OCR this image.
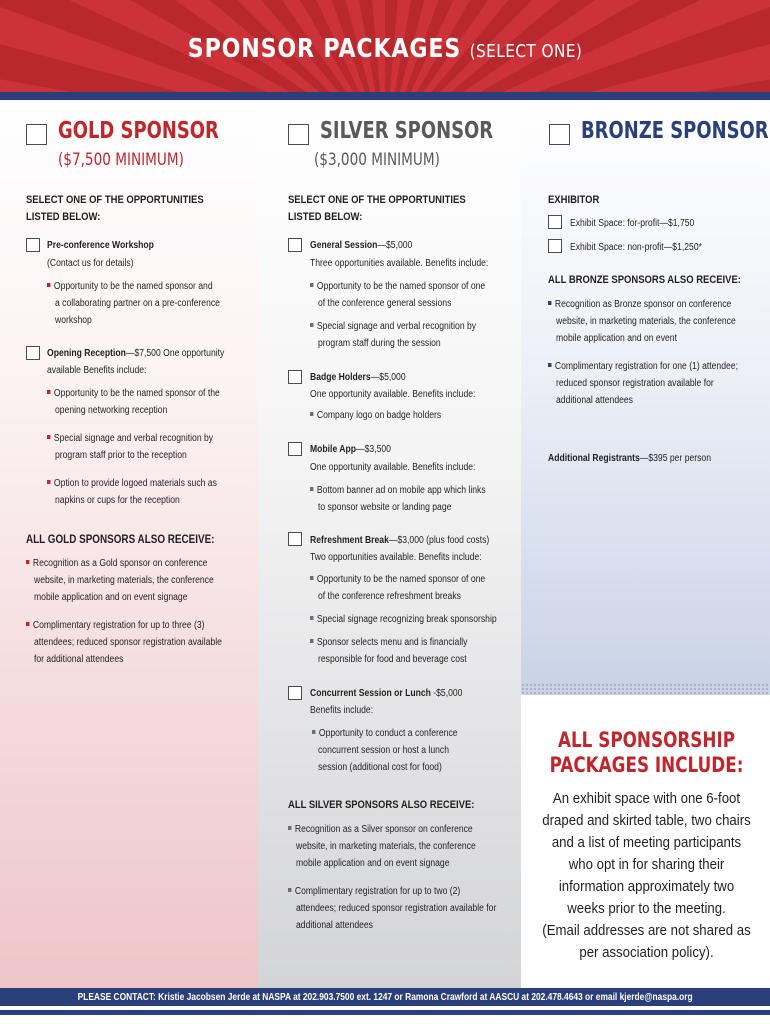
SPONSOR PACKAGES (SELECT ONE)
GOLD SPONSOR
($7,500 MINIMUM)
SELECT ONE OF THE OPPORTUNITIES
LISTED BELOW:
Pre-conference Workshop
(Contact us for details)
Opportunity to be the named sponsor and
a collaborating partner on a pre-conference
workshop
Opening Reception—$7,500 One opportunity
available Benefits include:
Opportunity to be the named sponsor of the
opening networking reception
Special signage and verbal recognition by
program staff prior to the reception
Option to provide logoed materials such as
napkins or cups for the reception
ALL GOLD SPONSORS ALSO RECEIVE:
Recognition as a Gold sponsor on conference
website, in marketing materials, the conference
mobile application and on event signage
Complimentary registration for up to three (3)
attendees; reduced sponsor registration available
for additional attendees
SILVER SPONSOR
($3,000 MINIMUM)
SELECT ONE OF THE OPPORTUNITIES
LISTED BELOW:
General Session—$5,000
Three opportunities available. Benefits include:
Opportunity to be the named sponsor of one
of the conference general sessions
Special signage and verbal recognition by
program staff during the session
Badge Holders—$5,000
One opportunity available. Benefits include:
Company logo on badge holders
Mobile App—$3,500
One opportunity available. Benefits include:
Bottom banner ad on mobile app which links
to sponsor website or landing page
Refreshment Break—$3,000 (plus food costs)
Two opportunities available. Benefits include:
Opportunity to be the named sponsor of one
of the conference refreshment breaks
Special signage recognizing break sponsorship
Sponsor selects menu and is financially
responsible for food and beverage cost
Concurrent Session or Lunch -$5,000
Benefits include:
Opportunity to conduct a conference
concurrent session or host a lunch
session (additional cost for food)
ALL SILVER SPONSORS ALSO RECEIVE:
Recognition as a Silver sponsor on conference
website, in marketing materials, the conference
mobile application and on event signage
Complimentary registration for up to two (2)
attendees; reduced sponsor registration available for
additional attendees
BRONZE SPONSOR
EXHIBITOR
Exhibit Space: for-profit—$1,750
Exhibit Space: non-profit—$1,250*
ALL BRONZE SPONSORS ALSO RECEIVE:
Recognition as Bronze sponsor on conference
website, in marketing materials, the conference
mobile application and on event
Complimentary registration for one (1) attendee;
reduced sponsor registration available for
additional attendees
Additional Registrants—$395 per person
ALL SPONSORSHIP
PACKAGES INCLUDE:
An exhibit space with one 6-foot
draped and skirted table, two chairs
and a list of meeting participants
who opt in for sharing their
information approximately two
weeks prior to the meeting.
(Email addresses are not shared as
per association policy).
PLEASE CONTACT: Kristie Jacobsen Jerde at NASPA at 202.903.7500 ext. 1247 or Ramona Crawford at AASCU at 202.478.4643 or email kjerde@naspa.org
